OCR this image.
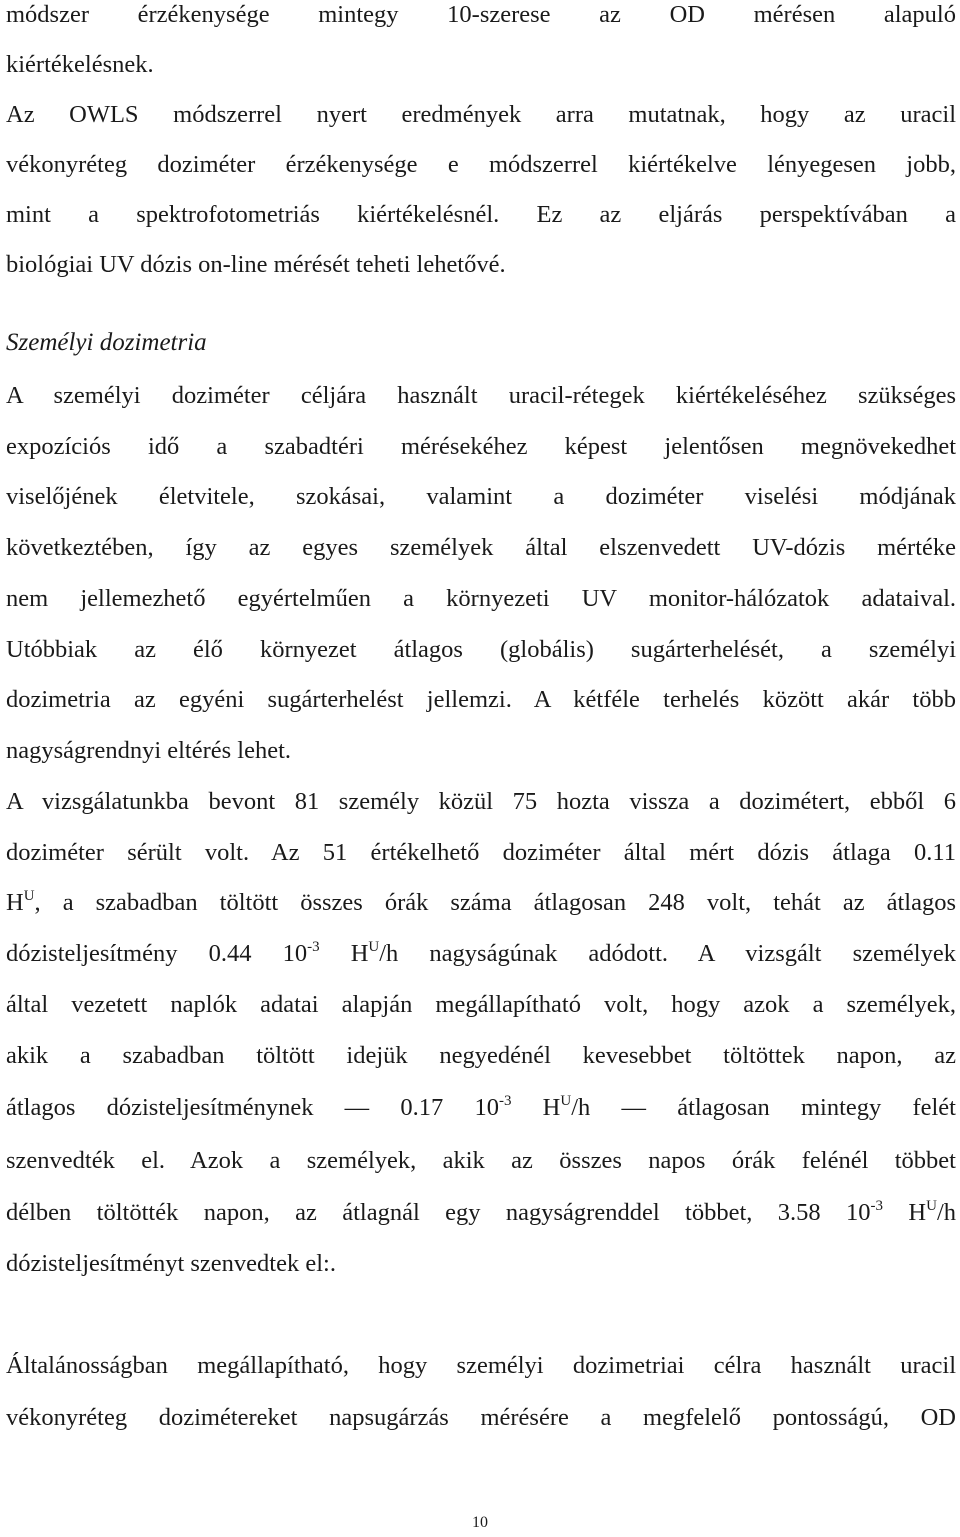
módszer érzékenysége mintegy 10-szerese az OD mérésen alapuló
kiértékelésnek.
Az OWLS módszerrel nyert eredmények arra mutatnak, hogy az uracil
vékonyréteg doziméter érzékenysége e módszerrel kiértékelve lényegesen jobb,
mint a spektrofotometriás kiértékelésnél. Ez az eljárás perspektívában a
biológiai UV dózis on-line mérését teheti lehetővé.
Személyi dozimetria
A személyi doziméter céljára használt uracil-rétegek kiértékeléséhez szükséges
expozíciós idő a szabadtéri mérésekéhez képest jelentősen megnövekedhet
viselőjének életvitele, szokásai, valamint a doziméter viselési módjának
következtében, így az egyes személyek által elszenvedett UV-dózis mértéke
nem jellemezhető egyértelműen a környezeti UV monitor-hálózatok adataival.
Utóbbiak az élő környezet átlagos (globális) sugárterhelését, a személyi
dozimetria az egyéni sugárterhelést jellemzi. A kétféle terhelés között akár több
nagyságrendnyi eltérés lehet.
A vizsgálatunkba bevont 81 személy közül 75 hozta vissza a dozimétert, ebből 6
doziméter sérült volt. Az 51 értékelhető doziméter által mért dózis átlaga 0.11
$H^U$, a szabadban töltött összes órák száma átlagosan 248 volt, tehát az átlagos
dózisteljesítmény 0.44 $10^{-3}$ $H^U/h$ nagyságúnak adódott. A vizsgált személyek
által vezetett naplók adatai alapján megállapítható volt, hogy azok a személyek,
akik a szabadban töltött idejük negyedénél kevesebbet töltöttek napon, az
átlagos dózisteljesítménynek — 0.17 $10^{-3}$ $H^U/h$ — átlagosan mintegy felét
szenvedték el. Azok a személyek, akik az összes napos órák felénél többet
délben töltötték napon, az átlagnál egy nagyságrenddel többet, 3.58 $10^{-3}$ $H^U/h$
dózisteljesítményt szenvedtek el:.
Általánosságban megállapítható, hogy személyi dozimetriai célra használt uracil
vékonyréteg dozimétereket napsugárzás mérésére a megfelelő pontosságú, OD
10
